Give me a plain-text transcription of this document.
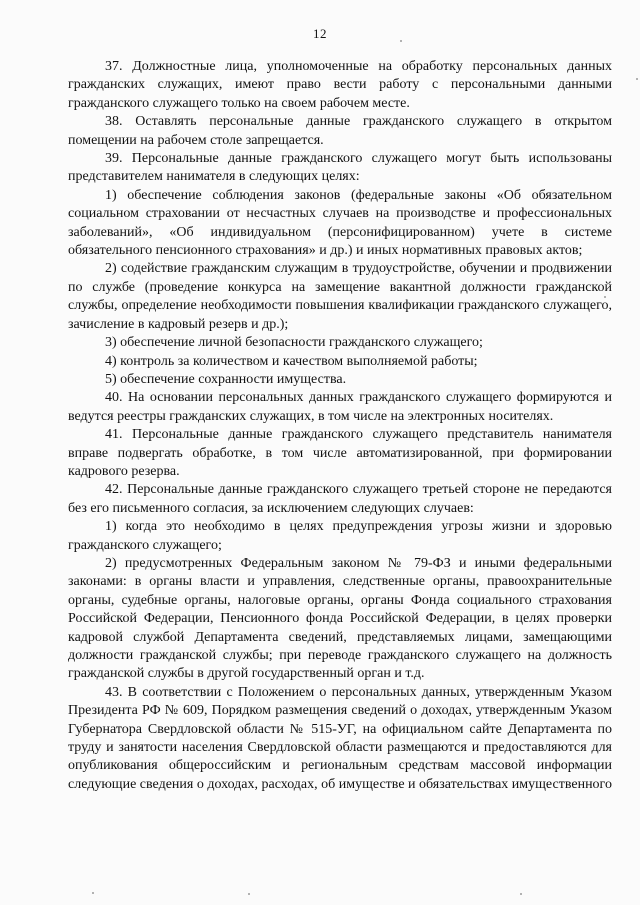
12

37. Должностные лица, уполномоченные на обработку персональных данных гражданских служащих, имеют право вести работу с персональными данными гражданского служащего только на своем рабочем месте.

38. Оставлять персональные данные гражданского служащего в открытом помещении на рабочем столе запрещается.

39. Персональные данные гражданского служащего могут быть использованы представителем нанимателя в следующих целях:

1) обеспечение соблюдения законов (федеральные законы «Об обязательном социальном страховании от несчастных случаев на производстве и профессиональных заболеваний», «Об индивидуальном (персонифицированном) учете в системе обязательного пенсионного страхования» и др.) и иных нормативных правовых актов;

2) содействие гражданским служащим в трудоустройстве, обучении и продвижении по службе (проведение конкурса на замещение вакантной должности гражданской службы, определение необходимости повышения квалификации гражданского служащего, зачисление в кадровый резерв и др.);

3) обеспечение личной безопасности гражданского служащего;

4) контроль за количеством и качеством выполняемой работы;

5) обеспечение сохранности имущества.

40. На основании персональных данных гражданского служащего формируются и ведутся реестры гражданских служащих, в том числе на электронных носителях.

41. Персональные данные гражданского служащего представитель нанимателя вправе подвергать обработке, в том числе автоматизированной, при формировании кадрового резерва.

42. Персональные данные гражданского служащего третьей стороне не передаются без его письменного согласия, за исключением следующих случаев:

1) когда это необходимо в целях предупреждения угрозы жизни и здоровью гражданского служащего;

2) предусмотренных Федеральным законом № 79-ФЗ и иными федеральными законами: в органы власти и управления, следственные органы, правоохранительные органы, судебные органы, налоговые органы, органы Фонда социального страхования Российской Федерации, Пенсионного фонда Российской Федерации, в целях проверки кадровой службой Департамента сведений, представляемых лицами, замещающими должности гражданской службы; при переводе гражданского служащего на должность гражданской службы в другой государственный орган и т.д.

43. В соответствии с Положением о персональных данных, утвержденным Указом Президента РФ № 609, Порядком размещения сведений о доходах, утвержденным Указом Губернатора Свердловской области № 515-УГ, на официальном сайте Департамента по труду и занятости населения Свердловской области размещаются и предоставляются для опубликования общероссийским и региональным средствам массовой информации следующие сведения о доходах, расходах, об имуществе и обязательствах имущественного
